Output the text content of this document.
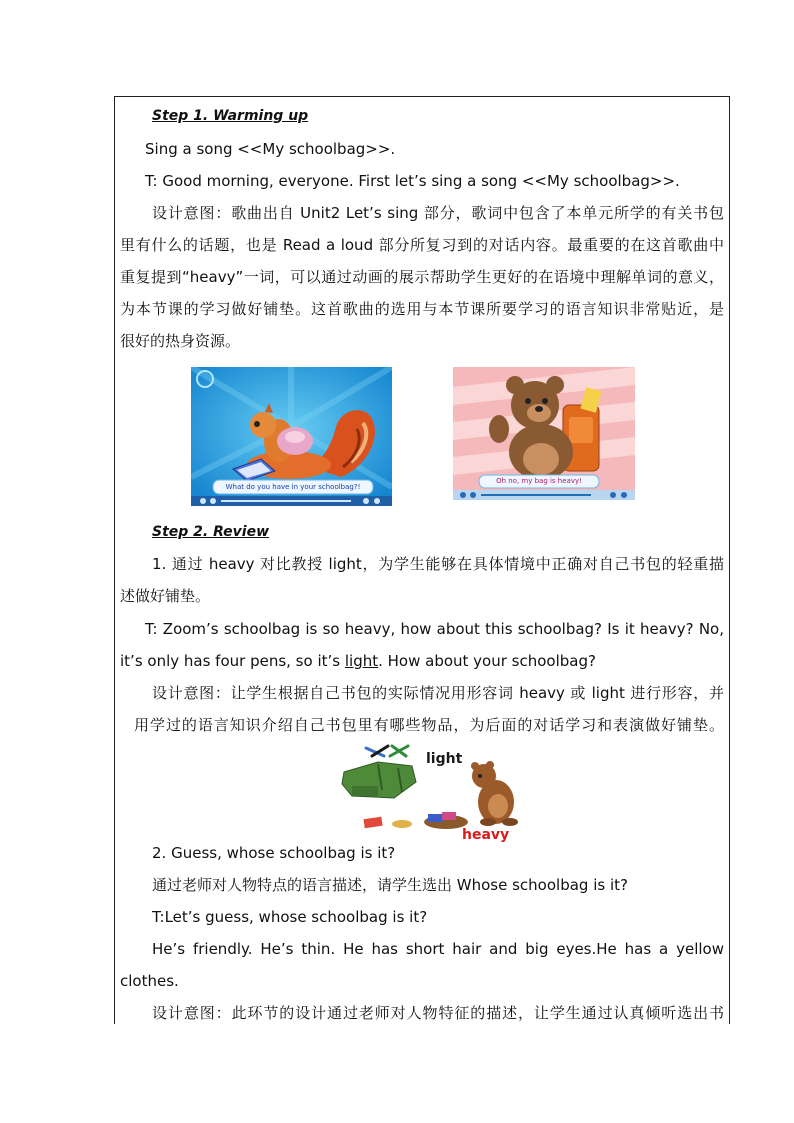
Step 1. Warming up
Sing a song <<My schoolbag>>.
T: Good morning, everyone. First let’s sing a song <<My schoolbag>>.
设计意图：歌曲出自 Unit2 Let’s sing 部分，歌词中包含了本单元所学的有关书包
里有什么的话题，也是 Read a loud 部分所复习到的对话内容。最重要的在这首歌曲中
重复提到“heavy”一词，可以通过动画的展示帮助学生更好的在语境中理解单词的意义，
为本节课的学习做好铺垫。这首歌曲的选用与本节课所要学习的语言知识非常贴近，是
很好的热身资源。
What do you have in your schoolbag?!
Oh no, my bag is heavy!
Step 2. Review
1. 通过 heavy 对比教授 light，为学生能够在具体情境中正确对自己书包的轻重描
述做好铺垫。
T: Zoom’s schoolbag is so heavy, how about this schoolbag? Is it heavy? No,
it’s only has four pens, so it’s light. How about your schoolbag?
设计意图：让学生根据自己书包的实际情况用形容词 heavy 或 light 进行形容，并
用学过的语言知识介绍自己书包里有哪些物品，为后面的对话学习和表演做好铺垫。
light
heavy
2. Guess, whose schoolbag is it?
通过老师对人物特点的语言描述，请学生选出 Whose schoolbag is it?
T:Let’s guess, whose schoolbag is it?
He’s friendly. He’s thin. He has short hair and big eyes.He has a yellow
clothes.
设计意图：此环节的设计通过老师对人物特征的描述，让学生通过认真倾听选出书
